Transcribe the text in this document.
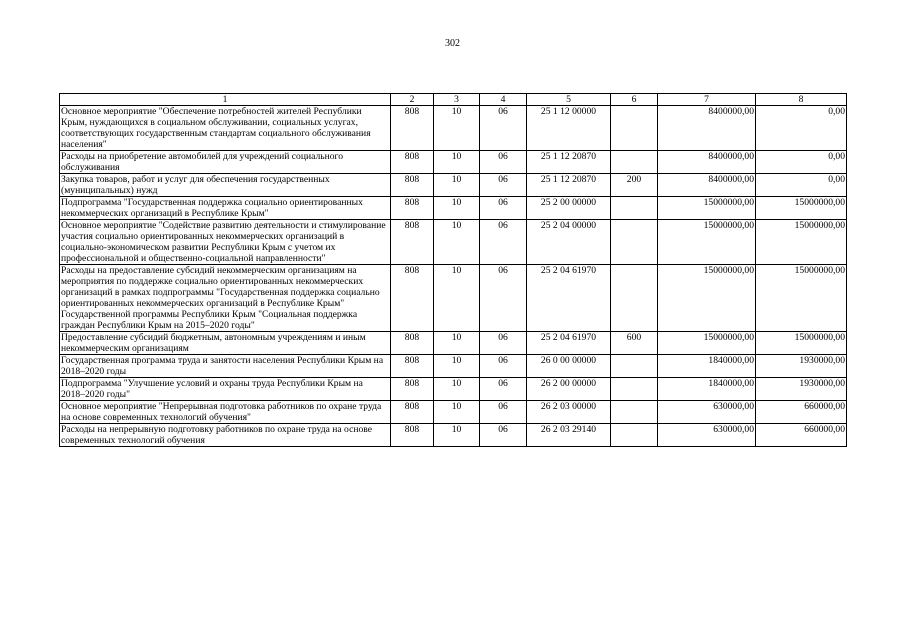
302
1	2	3	4	5	6	7	8
Основное мероприятие "Обеспечение потребностей жителей Республики Крым, нуждающихся в социальном обслуживании, социальных услугах, соответствующих государственным стандартам социального обслуживания населения"	808	10	06	25 1 12 00000		8400000,00	0,00
Расходы на приобретение автомобилей для учреждений социального обслуживания	808	10	06	25 1 12 20870		8400000,00	0,00
Закупка товаров, работ и услуг для обеспечения государственных (муниципальных) нужд	808	10	06	25 1 12 20870	200	8400000,00	0,00
Подпрограмма "Государственная поддержка социально ориентированных некоммерческих организаций в Республике Крым"	808	10	06	25 2 00 00000		15000000,00	15000000,00
Основное мероприятие "Содействие развитию деятельности и стимулирование участия социально ориентированных некоммерческих организаций в социально-экономическом развитии Республики Крым с учетом их профессиональной и общественно-социальной направленности"	808	10	06	25 2 04 00000		15000000,00	15000000,00
Расходы на предоставление субсидий некоммерческим организациям на мероприятия по поддержке социально ориентированных некоммерческих организаций в рамках подпрограммы "Государственная поддержка социально ориентированных некоммерческих организаций в Республике Крым" Государственной программы Республики Крым "Социальная поддержка граждан Республики Крым на 2015–2020 годы"	808	10	06	25 2 04 61970		15000000,00	15000000,00
Предоставление субсидий бюджетным, автономным учреждениям и иным некоммерческим организациям	808	10	06	25 2 04 61970	600	15000000,00	15000000,00
Государственная программа труда и занятости населения Республики Крым на 2018–2020 годы	808	10	06	26 0 00 00000		1840000,00	1930000,00
Подпрограмма "Улучшение условий и охраны труда Республики Крым на 2018–2020 годы"	808	10	06	26 2 00 00000		1840000,00	1930000,00
Основное мероприятие "Непрерывная подготовка работников по охране труда на основе современных технологий обучения"	808	10	06	26 2 03 00000		630000,00	660000,00
Расходы на непрерывную подготовку работников по охране труда на основе современных технологий обучения	808	10	06	26 2 03 29140		630000,00	660000,00
